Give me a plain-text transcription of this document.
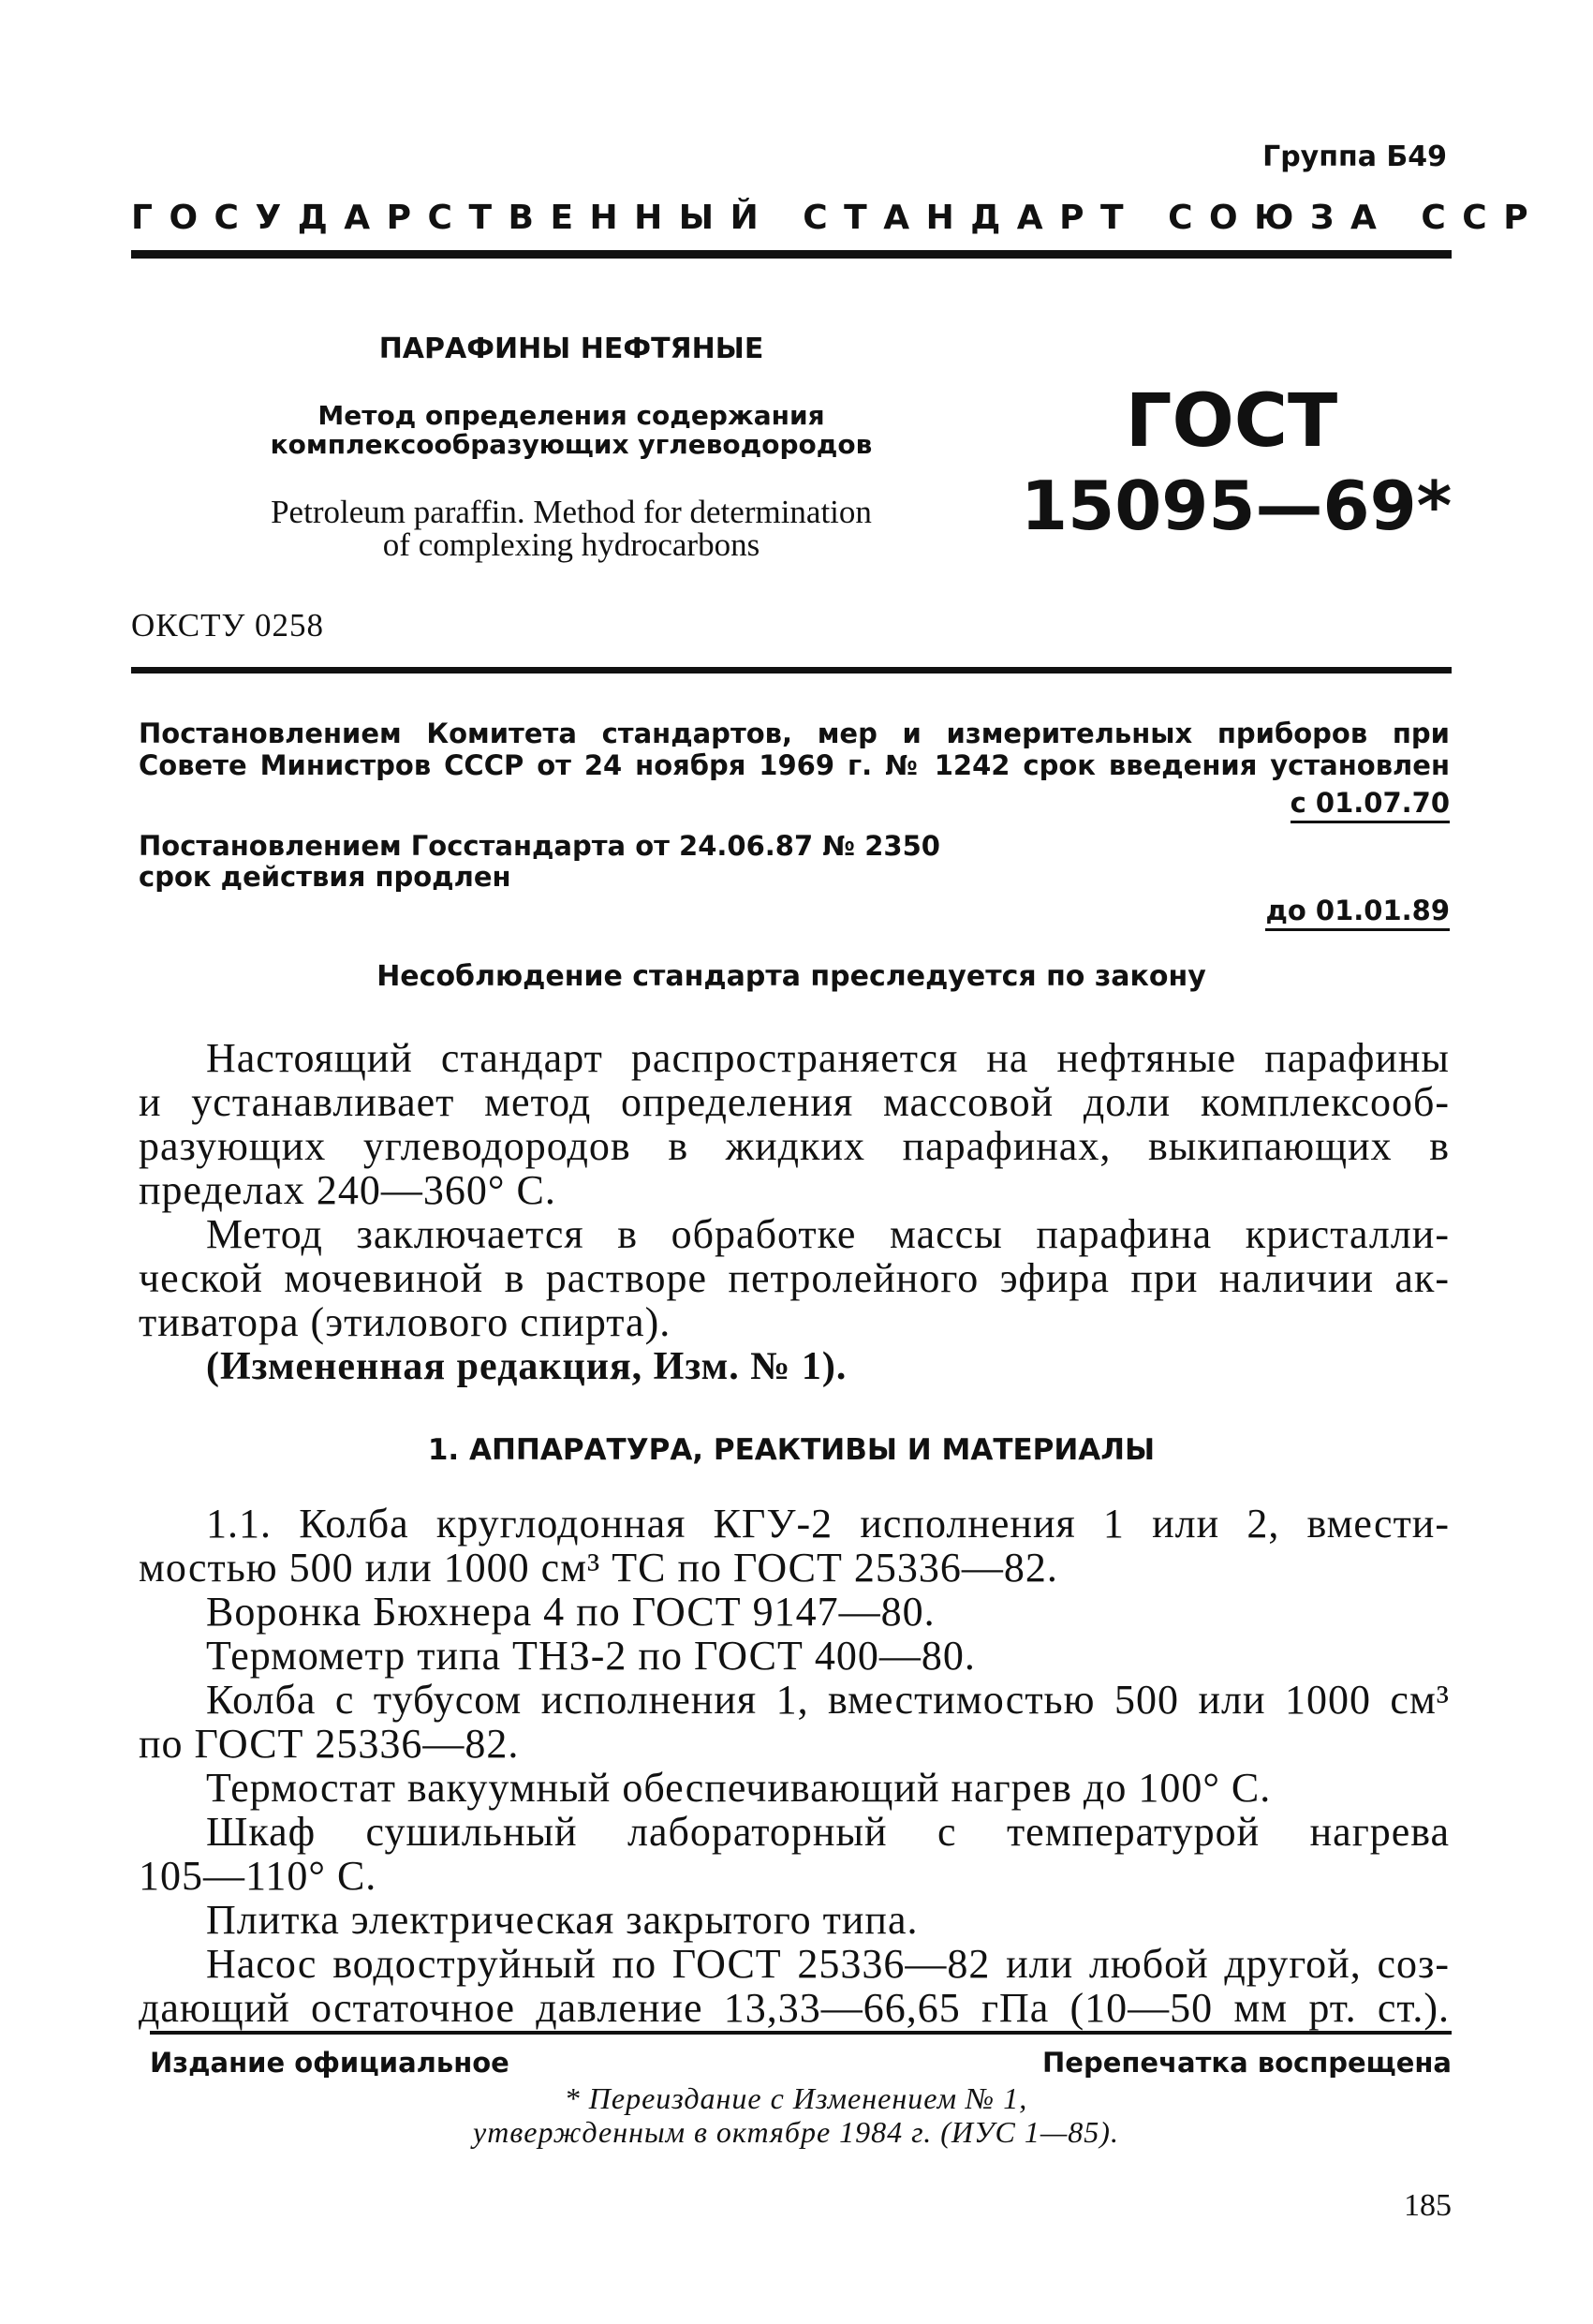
Группа Б49
ГОСУДАРСТВЕННЫЙ СТАНДАРТ СОЮЗА ССР
ПАРАФИНЫ НЕФТЯНЫЕ
Метод определения содержания
комплексообразующих углеводородов
Petroleum paraffin. Method for determination
of complexing hydrocarbons
ГОСТ
15095—69*
ОКСТУ 0258
Постановлением Комитета стандартов, мер и измерительных приборов при
Совете Министров СССР от 24 ноября 1969 г. № 1242 срок введения установлен
с 01.07.70
Постановлением Госстандарта от 24.06.87 № 2350
срок действия продлен
до 01.01.89
Несоблюдение стандарта преследуется по закону
Настоящий стандарт распространяется на нефтяные парафины
и устанавливает метод определения массовой доли комплексооб-
разующих углеводородов в жидких парафинах, выкипающих в
пределах 240—360° С.
Метод заключается в обработке массы парафина кристалли-
ческой мочевиной в растворе петролейного эфира при наличии ак-
тиватора (этилового спирта).
(Измененная редакция, Изм. № 1).
1. АППАРАТУРА, РЕАКТИВЫ И МАТЕРИАЛЫ
1.1. Колба круглодонная КГУ-2 исполнения 1 или 2, вмести-
мостью 500 или 1000 см³ ТС по ГОСТ 25336—82.
Воронка Бюхнера 4 по ГОСТ 9147—80.
Термометр типа ТНЗ-2 по ГОСТ 400—80.
Колба с тубусом исполнения 1, вместимостью 500 или 1000 см³
по ГОСТ 25336—82.
Термостат вакуумный обеспечивающий нагрев до 100° С.
Шкаф сушильный лабораторный с температурой нагрева
105—110° С.
Плитка электрическая закрытого типа.
Насос водоструйный по ГОСТ 25336—82 или любой другой, соз-
дающий остаточное давление 13,33—66,65 гПа (10—50 мм рт. ст.).
Издание официальное	Перепечатка воспрещена
* Переиздание с Изменением № 1,
утвержденным в октябре 1984 г. (ИУС 1—85).
185
